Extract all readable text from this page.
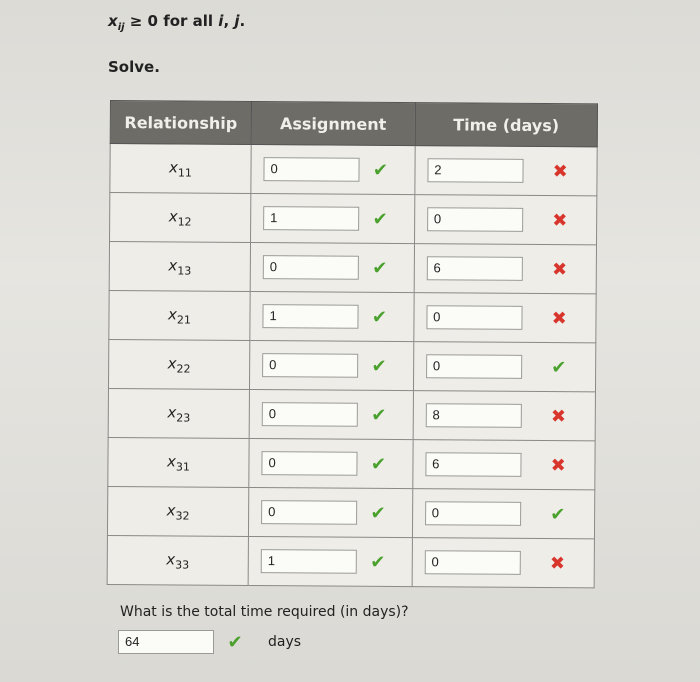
$x_{ij} \ge 0$ for all i, j.
Solve.
Relationship	Assignment	Time (days)
$x_{11}$	0 ✔	2 ✖

$x_{12}$	1 ✔	0 ✖

$x_{13}$	0 ✔	6 ✖

$x_{21}$	1 ✔	0 ✖

$x_{22}$	0 ✔	0 ✔

$x_{23}$	0 ✔	8 ✖

$x_{31}$	0 ✔	6 ✖

$x_{32}$	0 ✔	0 ✔

$x_{33}$	1 ✔	0 ✖
What is the total time required (in days)?
64	✔ days
